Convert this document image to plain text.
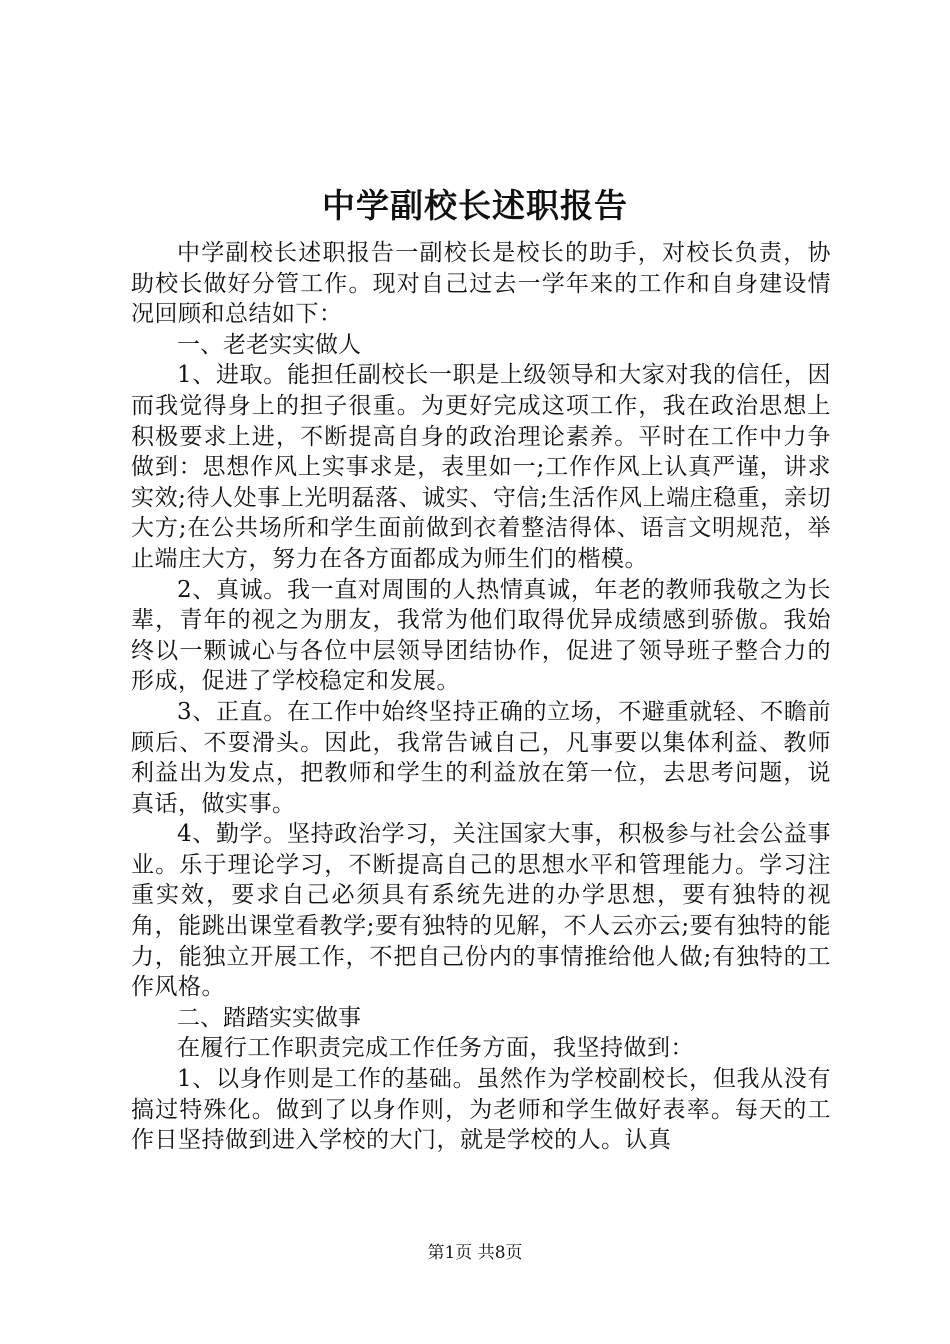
中学副校长述职报告

中学副校长述职报告一副校长是校长的助手，对校长负责，协助校长做好分管工作。现对自己过去一学年来的工作和自身建设情况回顾和总结如下：

一、老老实实做人

1、进取。能担任副校长一职是上级领导和大家对我的信任，因而我觉得身上的担子很重。为更好完成这项工作，我在政治思想上积极要求上进，不断提高自身的政治理论素养。平时在工作中力争做到：思想作风上实事求是，表里如一;工作作风上认真严谨，讲求实效;待人处事上光明磊落、诚实、守信;生活作风上端庄稳重，亲切大方;在公共场所和学生面前做到衣着整洁得体、语言文明规范，举止端庄大方，努力在各方面都成为师生们的楷模。

2、真诚。我一直对周围的人热情真诚，年老的教师我敬之为长辈，青年的视之为朋友，我常为他们取得优异成绩感到骄傲。我始终以一颗诚心与各位中层领导团结协作，促进了领导班子整合力的形成，促进了学校稳定和发展。

3、正直。在工作中始终坚持正确的立场，不避重就轻、不瞻前顾后、不耍滑头。因此，我常告诫自己，凡事要以集体利益、教师利益出为发点，把教师和学生的利益放在第一位，去思考问题，说真话，做实事。

4、勤学。坚持政治学习，关注国家大事，积极参与社会公益事业。乐于理论学习，不断提高自己的思想水平和管理能力。学习注重实效，要求自己必须具有系统先进的办学思想，要有独特的视角，能跳出课堂看教学;要有独特的见解，不人云亦云;要有独特的能力，能独立开展工作，不把自己份内的事情推给他人做;有独特的工作风格。

二、踏踏实实做事

在履行工作职责完成工作任务方面，我坚持做到：

1、以身作则是工作的基础。虽然作为学校副校长，但我从没有搞过特殊化。做到了以身作则，为老师和学生做好表率。每天的工作日坚持做到进入学校的大门，就是学校的人。认真

第1页 共8页
